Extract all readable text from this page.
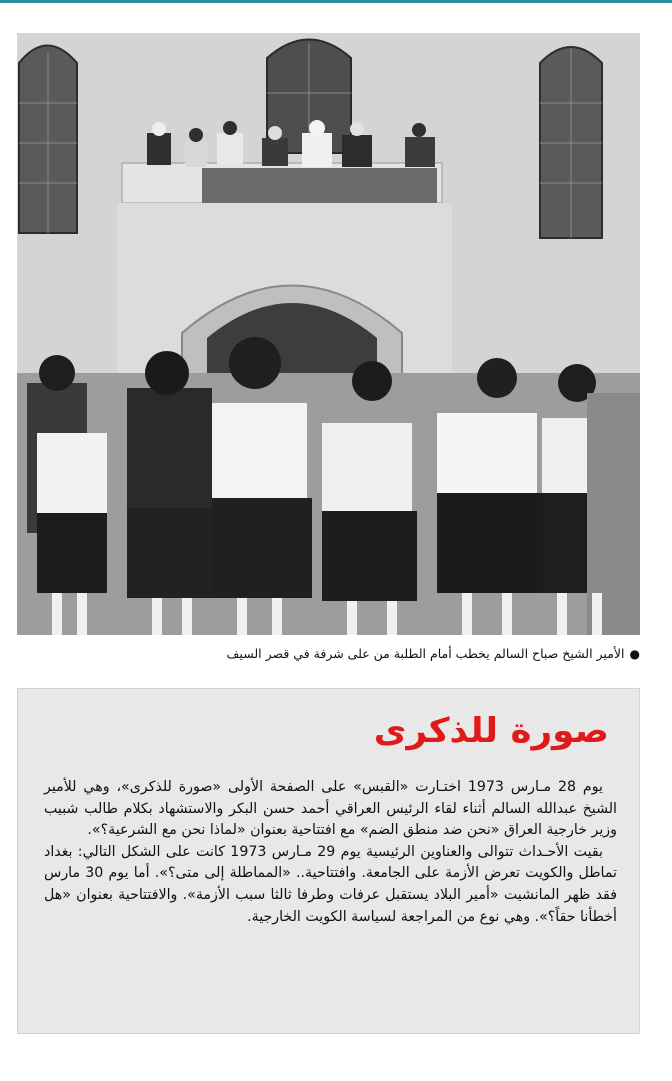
●الأمير الشيخ صباح السالم يخطب أمام الطلبة من على شرفة في قصر السيف
صورة للذكرى

يوم 28 مـارس 1973 اختـارت «القبس» على الصفحة الأولى «صورة للذكرى»، وهي للأمير الشيخ عبدالله السالم أثناء لقاء الرئيس العراقي أحمد حسن البكر والاستشهاد بكلام طالب شبيب وزير خارجية العراق «نحن ضد منطق الضم» مع افتتاحية بعنوان «لماذا نحن مع الشرعية؟».

بقيت الأحـداث تتوالى والعناوين الرئيسية يوم 29 مـارس 1973 كانت على الشكل التالي: بغداد تماطل والكويت تعرض الأزمة على الجامعة. وافتتاحية.. «المماطلة إلى متى؟». أما يوم 30 مارس فقد ظهر المانشيت «أمير البلاد يستقبل عرفات وطرفا ثالثا سبب الأزمة». والافتتاحية بعنوان «هل أخطأنا حقاً؟». وهي نوع من المراجعة لسياسة الكويت الخارجية.
